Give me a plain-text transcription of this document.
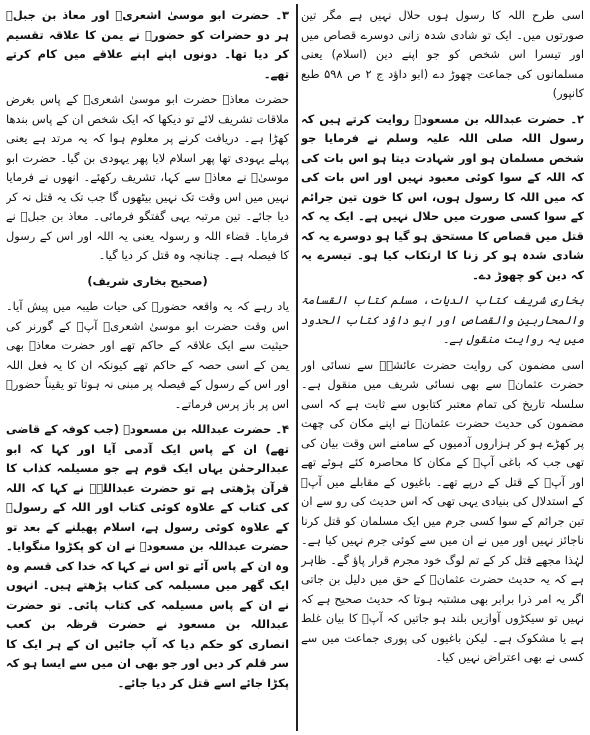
اسی طرح اللہ کا رسول ہوں حلال نہیں ہے مگر تین صورتوں میں۔ ایک تو شادی شدہ زانی دوسرے قصاص میں اور تیسرا اس شخص کو جو اپنے دین (اسلام) یعنی مسلمانوں کی جماعت چھوڑ دے (ابو داؤد ج ۲ ص ۵۹۸ طبع کانپور)

۲۔ حضرت عبداللہ بن مسعودؓ روایت کرتے ہیں کہ رسول اللہ صلی اللہ علیہ وسلم نے فرمایا جو شخص مسلمان ہو اور شہادت دیتا ہو اس بات کی کہ اللہ کے سوا کوئی معبود نہیں اور اس بات کی کہ میں اللہ کا رسول ہوں، اس کا خون تین جرائم کے سوا کسی صورت میں حلال نہیں ہے۔ ایک یہ کہ قتل میں قصاص کا مستحق ہو گیا ہو دوسرے یہ کہ شادی شدہ ہو کر زنا کا ارتکاب کیا ہو۔ تیسرے یہ کہ دین کو چھوڑ دے۔

بخاری شریف کتاب الدیات، مسلم کتاب القسامۃ والمحاربین والقصاص اور ابو داؤد کتاب الحدود میں یہ روایت منقول ہے۔

اسی مضمون کی روایت حضرت عائشہؓ سے نسائی اور حضرت عثمانؓ سے بھی نسائی شریف میں منقول ہے۔ سلسلہ تاریخ کی تمام معتبر کتابوں سے ثابت ہے کہ اسی مضمون کی حدیث حضرت عثمانؓ نے اپنے مکان کی چھت پر کھڑے ہو کر ہزاروں آدمیوں کے سامنے اس وقت بیان کی تھی جب کہ باغی آپؓ کے مکان کا محاصرہ کئے ہوئے تھے اور آپؓ کے قتل کے درپے تھے۔ باغیوں کے مقابلے میں آپؓ کے استدلال کی بنیادی یہی تھی کہ اس حدیث کی رو سے ان تین جرائم کے سوا کسی جرم میں ایک مسلمان کو قتل کرنا ناجائز نہیں اور میں نے ان میں سے کوئی جرم نہیں کیا ہے۔ لہٰذا مجھے قتل کر کے تم لوگ خود مجرم قرار پاؤ گے۔ ظاہر ہے کہ یہ حدیث حضرت عثمانؓ کے حق میں دلیل بن جاتی اگر یہ امر ذرا برابر بھی مشتبہ ہوتا کہ حدیث صحیح ہے کہ نہیں تو سیکڑوں آوازیں بلند ہو جاتیں کہ آپؓ کا بیان غلط ہے یا مشکوک ہے۔ لیکن باغیوں کی پوری جماعت میں سے کسی نے بھی اعتراض نہیں کیا۔

۳۔ حضرت ابو موسیٰ اشعریؓ اور معاذ بن جبلؓ ہر دو حضرات کو حضورؐ نے یمن کا علاقہ تقسیم کر دیا تھا۔ دونوں اپنے اپنے علاقے میں کام کرتے تھے۔

حضرت معاذؓ حضرت ابو موسیٰ اشعریؓ کے پاس بغرض ملاقات تشریف لائے تو دیکھا کہ ایک شخص ان کے پاس بندھا کھڑا ہے۔ دریافت کرنے پر معلوم ہوا کہ یہ مرتد ہے یعنی پہلے یہودی تھا پھر اسلام لایا پھر یہودی بن گیا۔ حضرت ابو موسیٰؓ نے معاذؓ سے کہا، تشریف رکھئے۔ انھوں نے فرمایا نہیں میں اس وقت تک نہیں بیٹھوں گا جب تک یہ قتل نہ کر دیا جائے۔ تین مرتبہ یہی گفتگو فرمائی۔ معاذ بن جبلؓ نے فرمایا۔ قضاء اللہ و رسولہ یعنی یہ اللہ اور اس کے رسول کا فیصلہ ہے۔ چنانچہ وہ قتل کر دیا گیا۔

(صحیح بخاری شریف)

یاد رہے کہ یہ واقعہ حضورؐ کی حیات طیبہ میں پیش آیا۔ اس وقت حضرت ابو موسیٰ اشعریؓ آپؐ کے گورنر کی حیثیت سے ایک علاقہ کے حاکم تھے اور حضرت معاذؓ بھی یمن کے اسی حصہ کے حاکم تھے کیونکہ ان کا یہ فعل اللہ اور اس کے رسول کے فیصلہ پر مبنی نہ ہوتا تو یقیناً حضورؐ اس پر باز پرس فرماتے۔

۴۔ حضرت عبداللہ بن مسعودؓ (جب کوفہ کے قاضی تھے) ان کے پاس ایک آدمی آیا اور کہا کہ ابو عبدالرحمٰن یہاں ایک قوم ہے جو مسیلمہ کذاب کا قرآن پڑھتی ہے تو حضرت عبداللہؓ نے کہا کہ اللہ کی کتاب کے علاوہ کوئی کتاب اور اللہ کے رسولؐ کے علاوہ کوئی رسول ہے، اسلام پھیلنے کے بعد تو حضرت عبداللہ بن مسعودؓ نے ان کو پکڑوا منگوایا۔ وہ ان کے پاس آئے تو اس نے کہا کہ خدا کی قسم وہ ایک گھر میں مسیلمہ کی کتاب پڑھتے ہیں۔ انہوں نے ان کے پاس مسیلمہ کی کتاب پائی۔ تو حضرت عبداللہ بن مسعود نے حضرت قرظہ بن کعب انصاری کو حکم دیا کہ آپ جائیں ان کے ہر ایک کا سر قلم کر دیں اور جو بھی ان میں سے ایسا ہو کہ پکڑا جائے اسے قتل کر دیا جائے۔
